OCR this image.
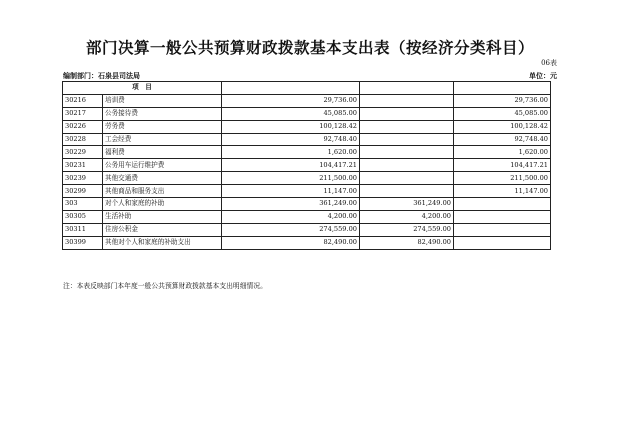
部门决算一般公共预算财政拨款基本支出表（按经济分类科目）
06表
编制部门：石泉县司法局	单位：元
项　目				
30216	培训费	29,736.00		29,736.00
30217	公务接待费	45,085.00		45,085.00
30226	劳务费	100,128.42		100,128.42
30228	工会经费	92,748.40		92,748.40
30229	福利费	1,620.00		1,620.00
30231	公务用车运行维护费	104,417.21		104,417.21
30239	其他交通费	211,500.00		211,500.00
30299	其他商品和服务支出	11,147.00		11,147.00
303	对个人和家庭的补助	361,249.00	361,249.00	
30305	生活补助	4,200.00	4,200.00	
30311	住房公积金	274,559.00	274,559.00	
30399	其他对个人和家庭的补助支出	82,490.00	82,490.00	
注：本表反映部门本年度一般公共预算财政拨款基本支出明细情况。
